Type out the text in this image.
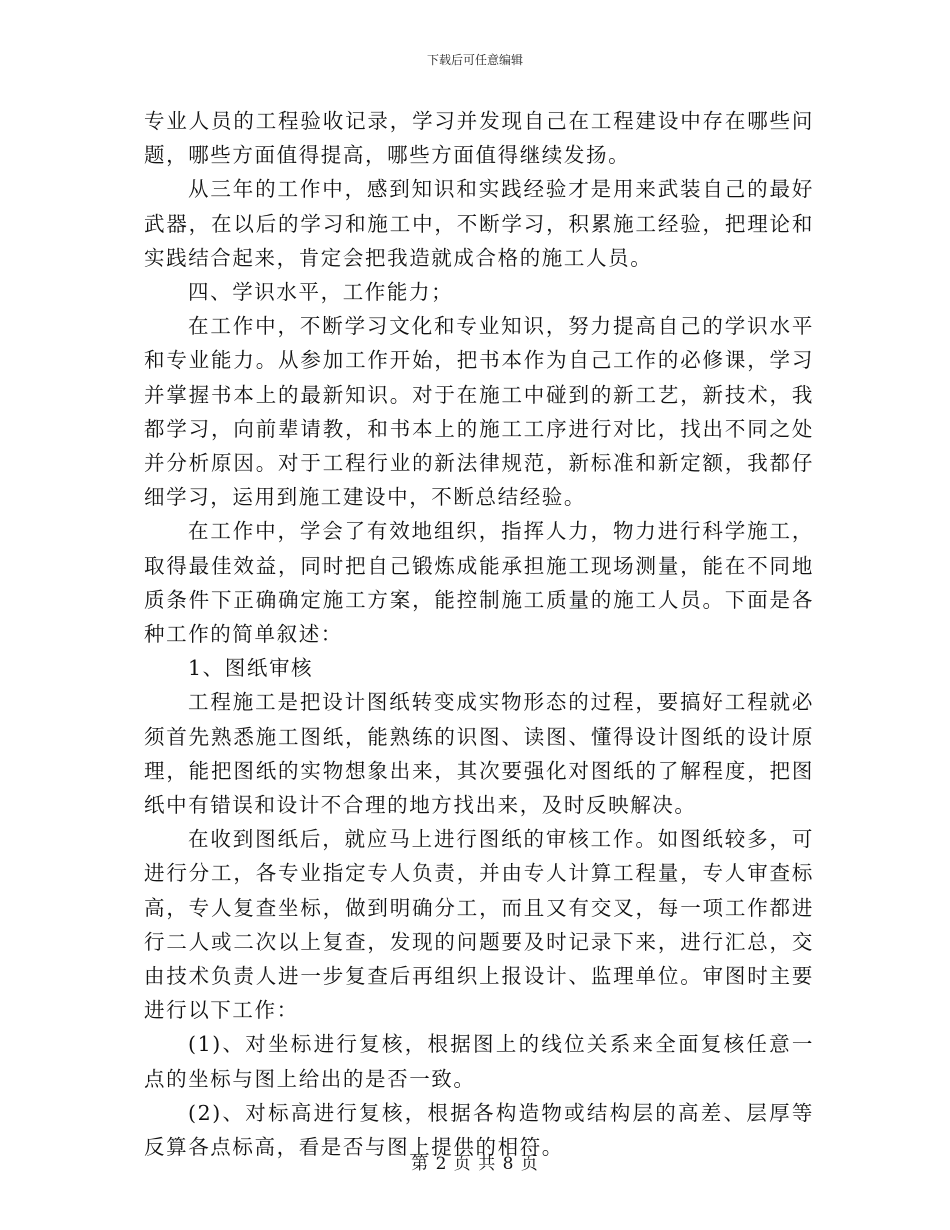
下载后可任意编辑

专业人员的工程验收记录，学习并发现自己在工程建设中存在哪些问题，哪些方面值得提高，哪些方面值得继续发扬。

从三年的工作中，感到知识和实践经验才是用来武装自己的最好武器，在以后的学习和施工中，不断学习，积累施工经验，把理论和实践结合起来，肯定会把我造就成合格的施工人员。

四、学识水平，工作能力；

在工作中，不断学习文化和专业知识，努力提高自己的学识水平和专业能力。从参加工作开始，把书本作为自己工作的必修课，学习并掌握书本上的最新知识。对于在施工中碰到的新工艺，新技术，我都学习，向前辈请教，和书本上的施工工序进行对比，找出不同之处并分析原因。对于工程行业的新法律规范，新标准和新定额，我都仔细学习，运用到施工建设中，不断总结经验。

在工作中，学会了有效地组织，指挥人力，物力进行科学施工，取得最佳效益，同时把自己锻炼成能承担施工现场测量，能在不同地质条件下正确确定施工方案，能控制施工质量的施工人员。下面是各种工作的简单叙述：

1、图纸审核

工程施工是把设计图纸转变成实物形态的过程，要搞好工程就必须首先熟悉施工图纸，能熟练的识图、读图、懂得设计图纸的设计原理，能把图纸的实物想象出来，其次要强化对图纸的了解程度，把图纸中有错误和设计不合理的地方找出来，及时反映解决。

在收到图纸后，就应马上进行图纸的审核工作。如图纸较多，可进行分工，各专业指定专人负责，并由专人计算工程量，专人审查标高，专人复查坐标，做到明确分工，而且又有交叉，每一项工作都进行二人或二次以上复查，发现的问题要及时记录下来，进行汇总，交由技术负责人进一步复查后再组织上报设计、监理单位。审图时主要进行以下工作：

(1)、对坐标进行复核，根据图上的线位关系来全面复核任意一点的坐标与图上给出的是否一致。

(2)、对标高进行复核，根据各构造物或结构层的高差、层厚等反算各点标高，看是否与图上提供的相符。

第 2 页 共 8 页
